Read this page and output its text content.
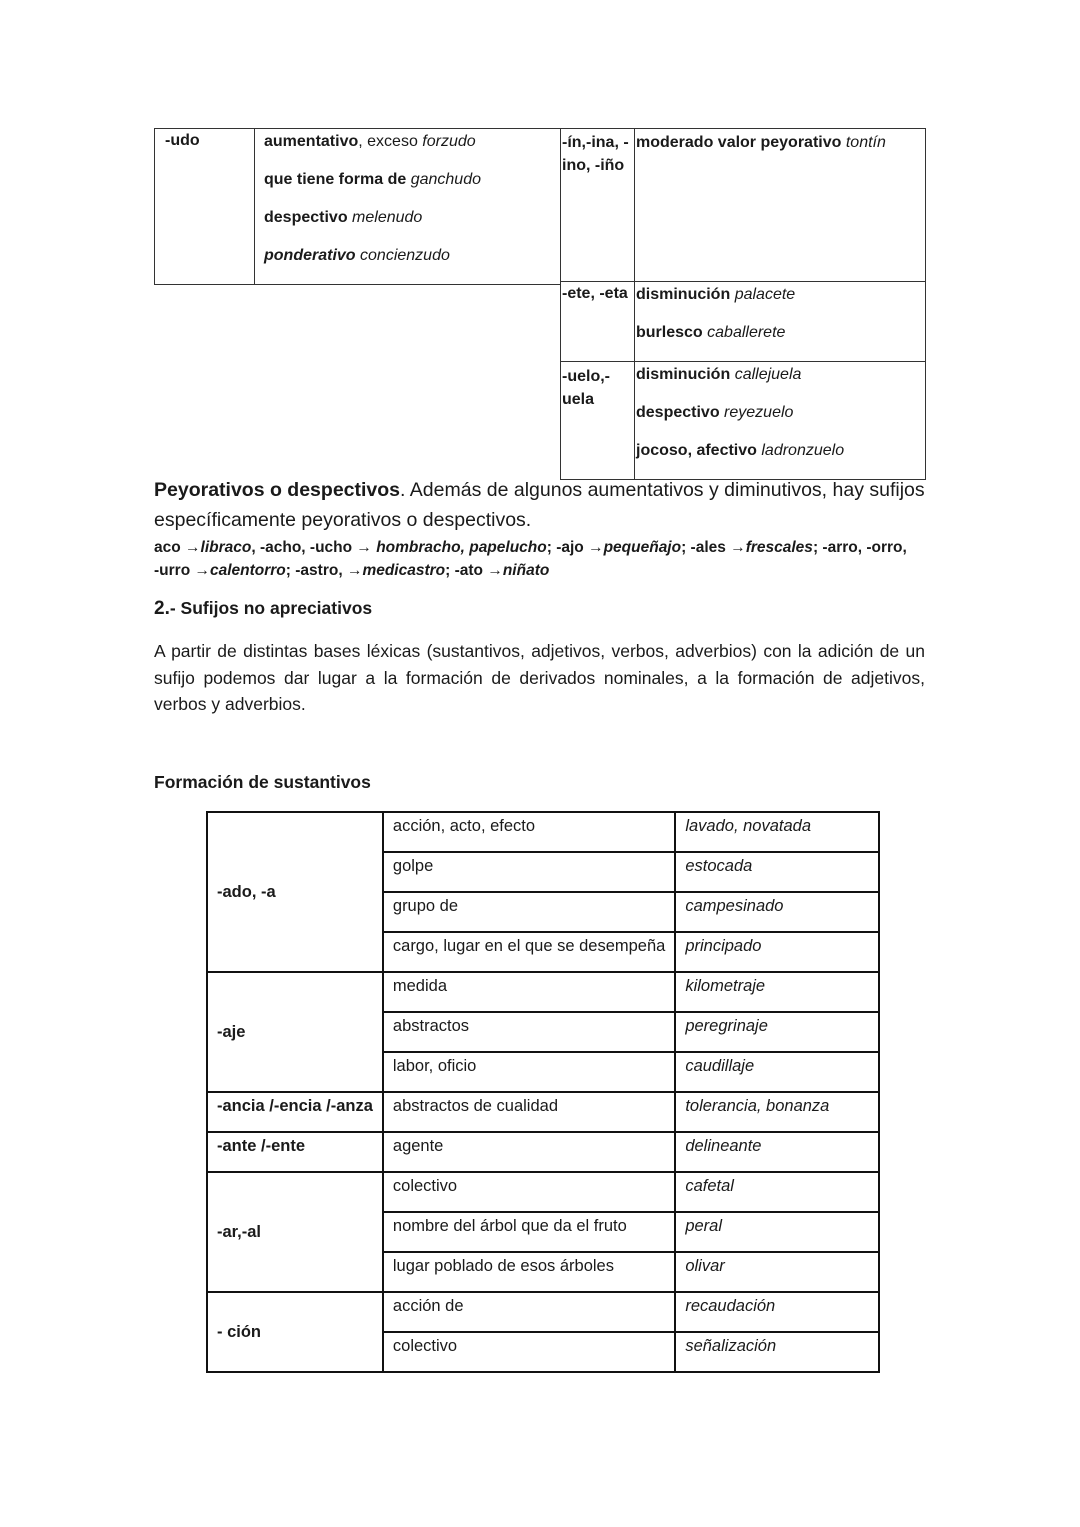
-udo	aumentativo, exceso forzudo
que tiene forma de ganchudo
despectivo melenudo
ponderativo concienzudo
-ín,-ina, -ino, -iño	moderado valor peyorativo tontín

-ete, -eta	disminución palacete
burlesco caballerete

-uelo,-uela	disminución callejuela
despectivo reyezuelo
jocoso, afectivo ladronzuelo
Peyorativos o despectivos. Además de algunos aumentativos y diminutivos, hay sufijos
específicamente peyorativos o despectivos.
aco →libraco, -acho, -ucho → hombracho, papelucho; -ajo →pequeñajo; -ales →frescales; -arro, -orro,
-urro →calentorro; -astro, →medicastro; -ato →niñato
2.- Sufijos no apreciativos
A partir de distintas bases léxicas (sustantivos, adjetivos, verbos, adverbios) con la adición de un sufijo podemos dar lugar a la formación de derivados nominales, a la formación de adjetivos, verbos y adverbios.
Formación de sustantivos
-ado, -a	acción, acto, efecto	lavado, novatada
	golpe	estocada
	grupo de	campesinado
	cargo, lugar en el que se desempeña	principado
-aje	medida	kilometraje
	abstractos	peregrinaje
	labor, oficio	caudillaje
-ancia /-encia /-anza	abstractos de cualidad	tolerancia, bonanza
-ante /-ente	agente	delineante
-ar,-al	colectivo	cafetal
	nombre del árbol que da el fruto	peral
	lugar poblado de esos árboles	olivar
- ción	acción de	recaudación
	colectivo	señalización
